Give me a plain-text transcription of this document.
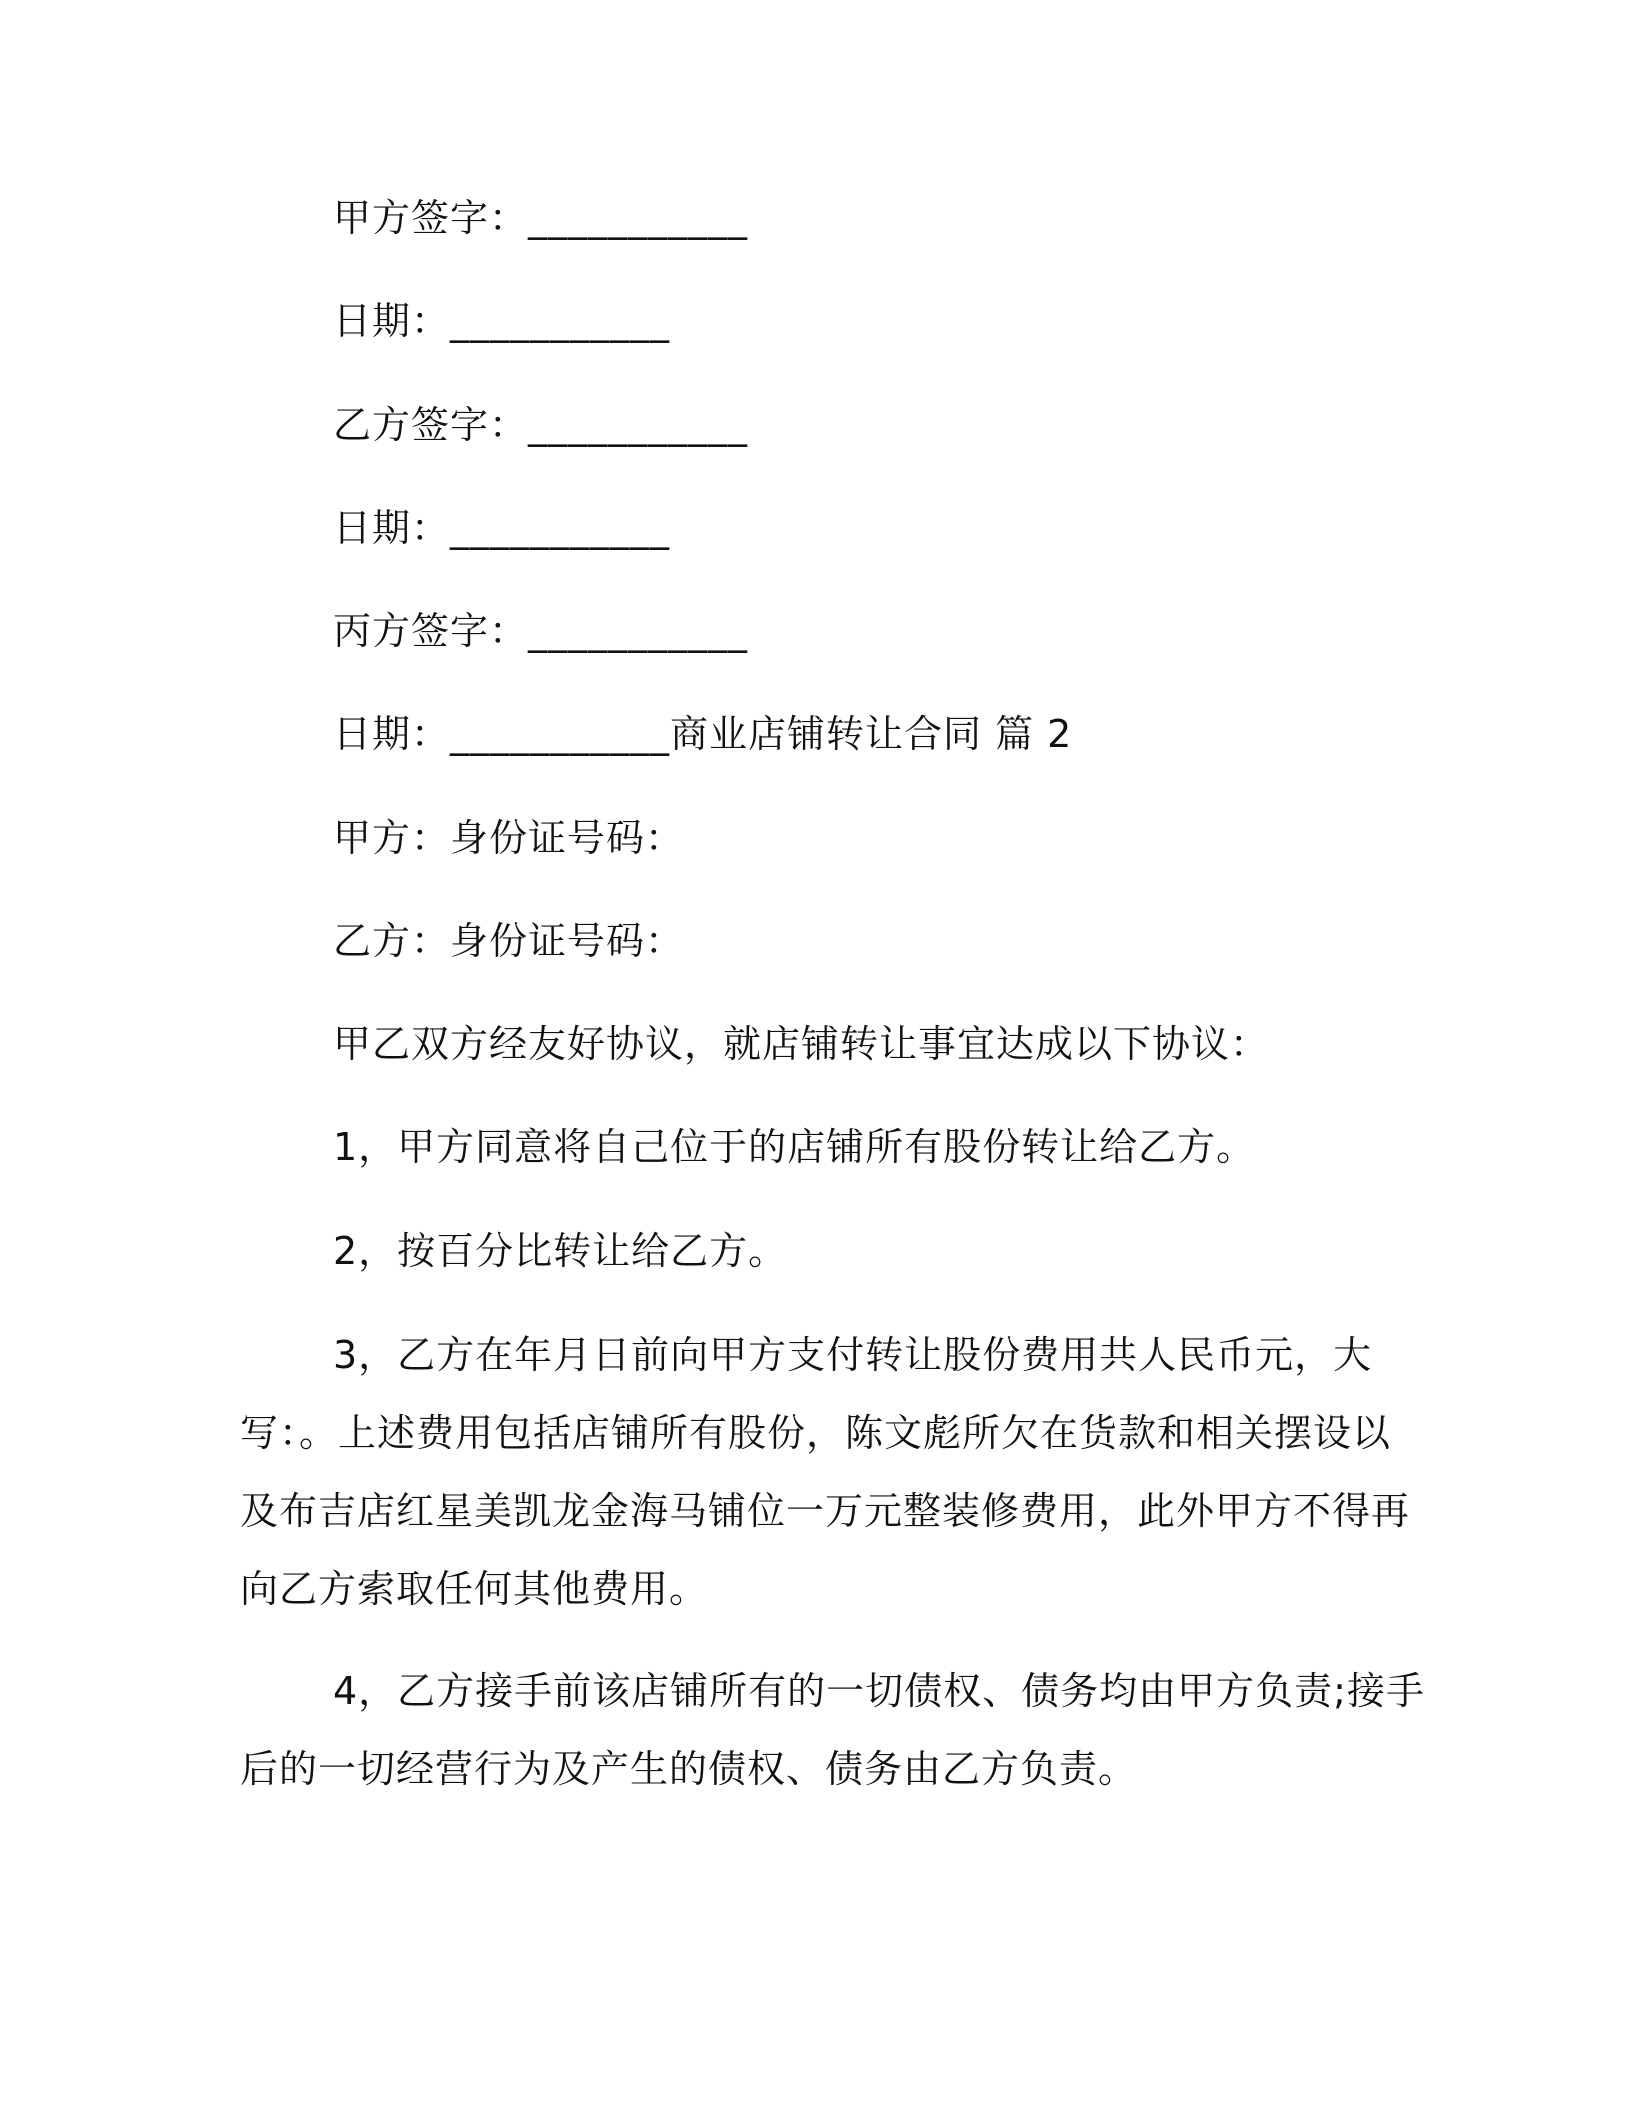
甲方签字：___________
日期：___________
乙方签字：___________
日期：___________
丙方签字：___________
日期：___________商业店铺转让合同 篇 2
甲方：身份证号码：
乙方：身份证号码：
甲乙双方经友好协议，就店铺转让事宜达成以下协议：
1，甲方同意将自己位于的店铺所有股份转让给乙方。
2，按百分比转让给乙方。
3，乙方在年月日前向甲方支付转让股份费用共人民币元，大
写：。上述费用包括店铺所有股份，陈文彪所欠在货款和相关摆设以
及布吉店红星美凯龙金海马铺位一万元整装修费用，此外甲方不得再
向乙方索取任何其他费用。
4，乙方接手前该店铺所有的一切债权、债务均由甲方负责;接手
后的一切经营行为及产生的债权、债务由乙方负责。
